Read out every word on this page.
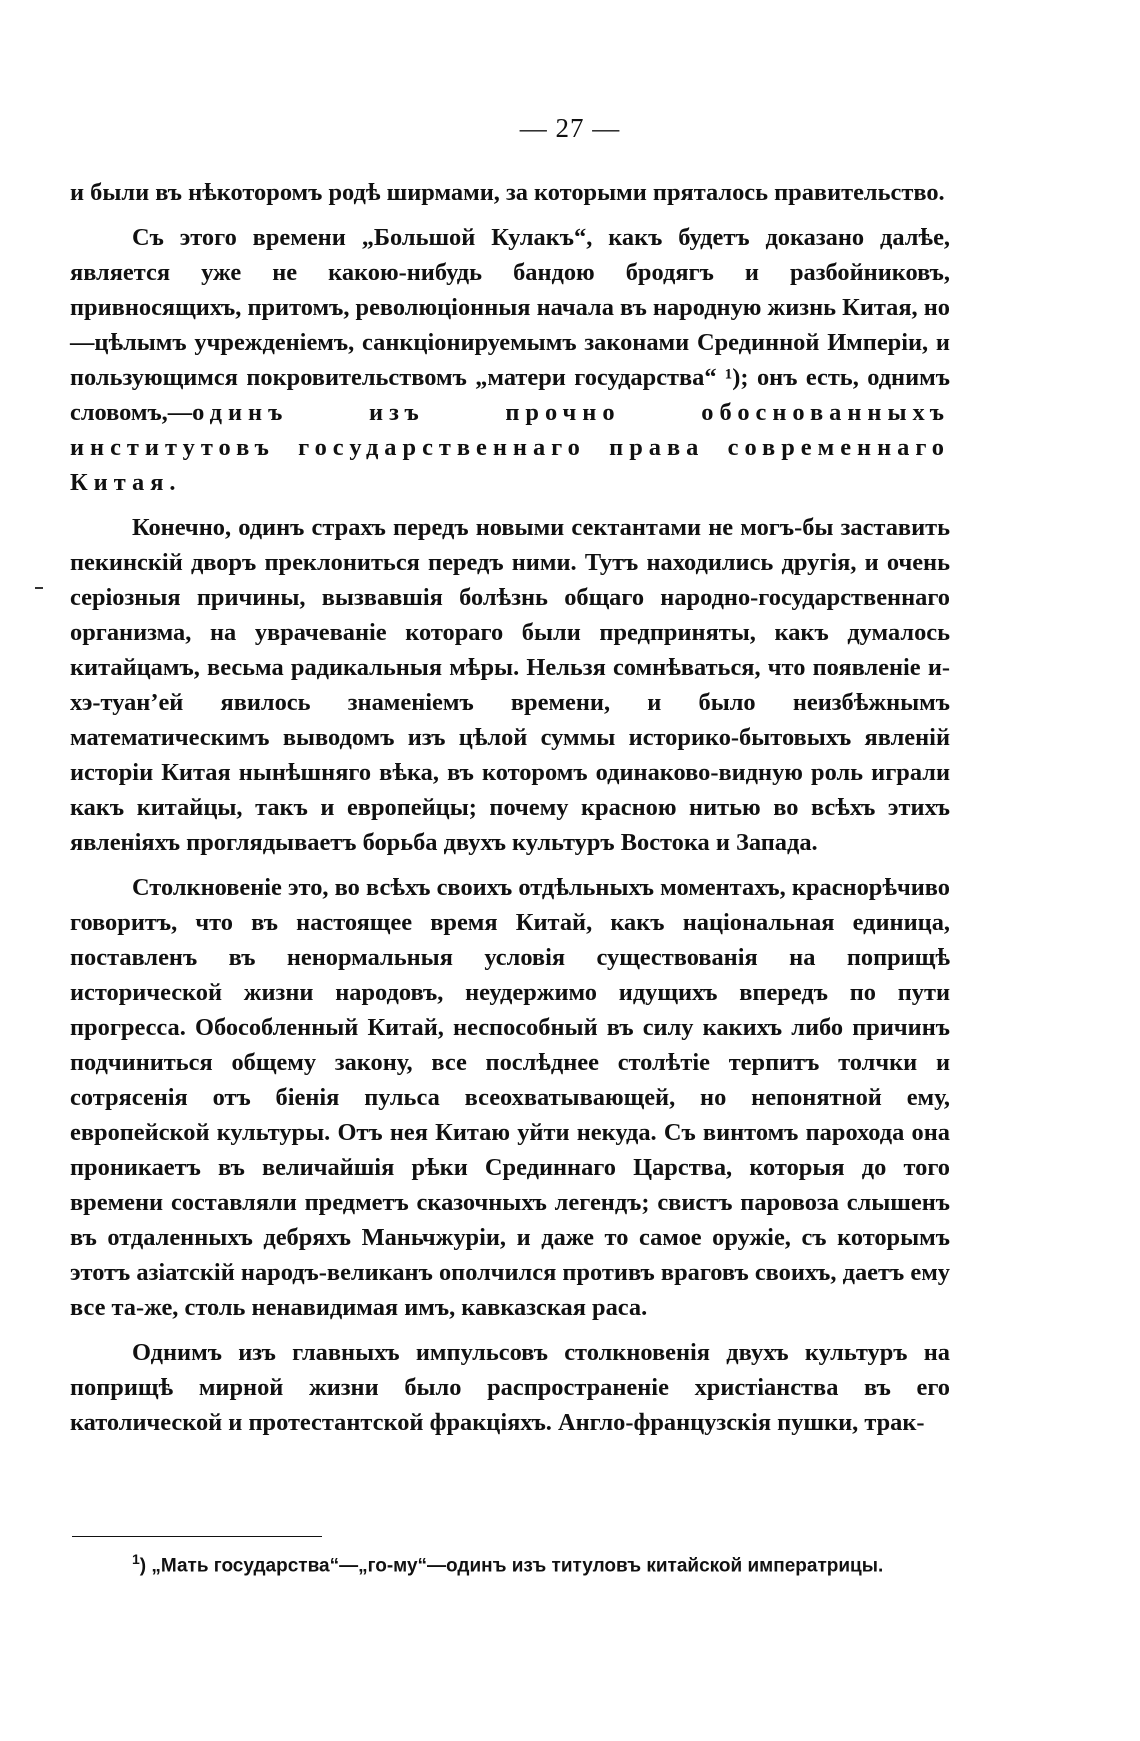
— 27 —

и были въ нѣкоторомъ родѣ ширмами, за которыми пряталось правительство.

Съ этого времени „Большой Кулакъ“, какъ будетъ доказано далѣе, является уже не какою-нибудь бандою бродягъ и разбойниковъ, привносящихъ, притомъ, революціонныя начала въ народную жизнь Китая, но —цѣлымъ учрежденіемъ, санкціонируемымъ законами Срединной Имперіи, и пользующимся покровительствомъ „матери государства“ ¹); онъ есть, однимъ словомъ,—одинъ изъ прочно обоснованныхъ институтовъ государственнаго права современнаго Китая.

Конечно, одинъ страхъ передъ новыми сектантами не могъ-бы заставить пекинскій дворъ преклониться передъ ними. Тутъ находились другія, и очень серіозныя причины, вызвавшія болѣзнь общаго народно-государственнаго организма, на уврачеваніе котораго были предприняты, какъ думалось китайцамъ, весьма радикальныя мѣры. Нельзя сомнѣваться, что появленіе и-хэ-туан’ей явилось знаменіемъ времени, и было неизбѣжнымъ математическимъ выводомъ изъ цѣлой суммы историко-бытовыхъ явленій исторіи Китая нынѣшняго вѣка, въ которомъ одинаково-видную роль играли какъ китайцы, такъ и европейцы; почему красною нитью во всѣхъ этихъ явленіяхъ проглядываетъ борьба двухъ культуръ Востока и Запада.

Столкновеніе это, во всѣхъ своихъ отдѣльныхъ моментахъ, краснорѣчиво говоритъ, что въ настоящее время Китай, какъ національная единица, поставленъ въ ненормальныя условія существованія на поприщѣ исторической жизни народовъ, неудержимо идущихъ впередъ по пути прогресса. Обособленный Китай, неспособный въ силу какихъ либо причинъ подчиниться общему закону, все послѣднее столѣтіе терпитъ толчки и сотрясенія отъ біенія пульса всеохватывающей, но непонятной ему, европейской культуры. Отъ нея Китаю уйти некуда. Съ винтомъ парохода она проникаетъ въ величайшія рѣки Срединнаго Царства, которыя до того времени составляли предметъ сказочныхъ легендъ; свистъ паровоза слышенъ въ отдаленныхъ дебряхъ Маньчжуріи, и даже то самое оружіе, съ которымъ этотъ азіатскій народъ-великанъ ополчился противъ враговъ своихъ, даетъ ему все та-же, столь ненавидимая имъ, кавказская раса.

Однимъ изъ главныхъ импульсовъ столкновенія двухъ культуръ на поприщѣ мирной жизни было распространеніе христіанства въ его католической и протестантской фракціяхъ. Англо-французскія пушки, трак-

$^1$) „Мать государства“—„го-му“—одинъ изъ титуловъ китайской императрицы.
